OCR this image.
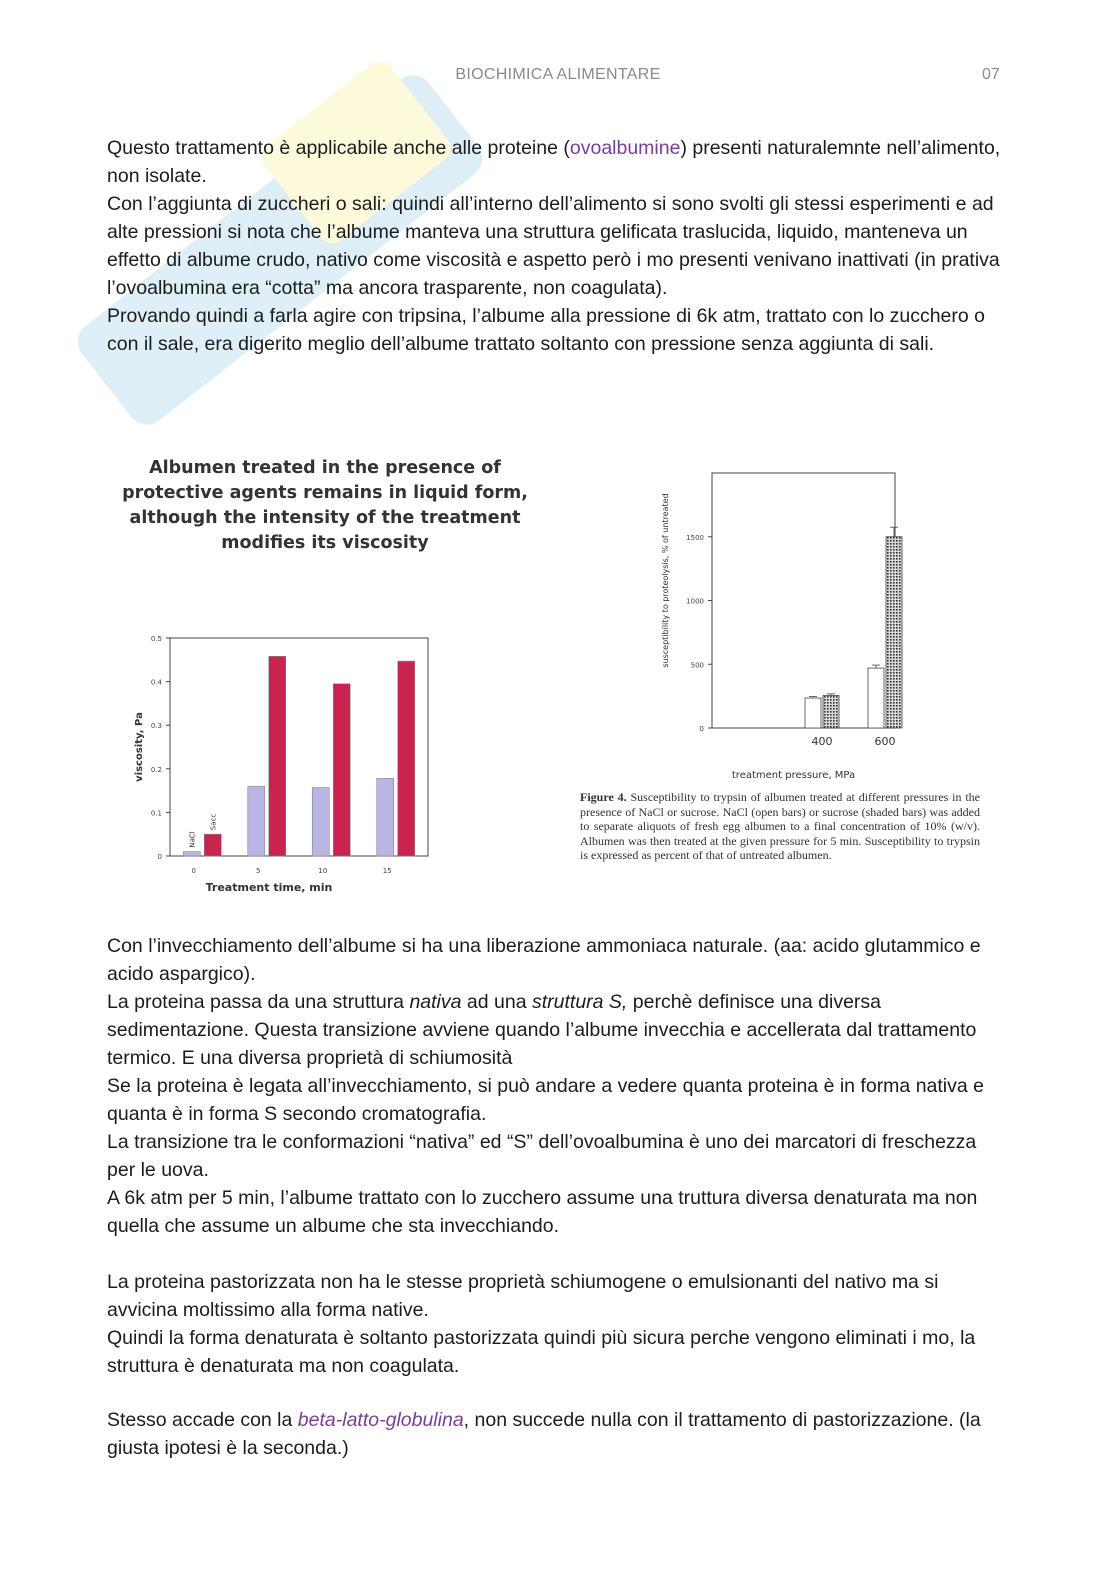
BIOCHIMICA ALIMENTARE	07

Questo trattamento è applicabile anche alle proteine (ovoalbumine) presenti naturalemnte nell’alimento, non isolate.

Con l’aggiunta di zuccheri o sali: quindi all’interno dell’alimento si sono svolti gli stessi esperimenti e ad alte pressioni si nota che l’albume manteva una struttura gelificata traslucida, liquido, manteneva un effetto di albume crudo, nativo come viscosità e aspetto però i mo presenti venivano inattivati (in prativa l’ovoalbumina era “cotta” ma ancora trasparente, non coagulata).

Provando quindi a farla agire con tripsina, l’albume alla pressione di 6k atm, trattato con lo zucchero o con il sale, era digerito meglio dell’albume trattato soltanto con pressione senza aggiunta di sali.

Albumen treated in the presence of protective agents remains in liquid form, although the intensity of the treatment modifies its viscosity
0
0.1
0.2
0.3
0.4
0.5
0	5	10	15
NaCl
Sacc
Treatment time, min
viscosity, Pa	0
500
1000
1500
400	600
treatment pressure, MPa
susceptibility to proteolysis, % of untreated
Figure 4. Susceptibility to trypsin of albumen treated at different pressures in the presence of NaCl or sucrose. NaCl (open bars) or sucrose (shaded bars) was added to separate aliquots of fresh egg albumen to a final concentration of 10% (w/v). Albumen was then treated at the given pressure for 5 min. Susceptibility to trypsin is expressed as percent of that of untreated albumen.

Con l’invecchiamento dell’albume si ha una liberazione ammoniaca naturale. (aa: acido glutammico e acido aspargico).

La proteina passa da una struttura nativa ad una struttura S, perchè definisce una diversa sedimentazione. Questa transizione avviene quando l’albume invecchia e accellerata dal trattamento termico. E una diversa proprietà di schiumosità

Se la proteina è legata all’invecchiamento, si può andare a vedere quanta proteina è in forma nativa e quanta è in forma S secondo cromatografia.

La transizione tra le conformazioni “nativa” ed “S” dell’ovoalbumina è uno dei marcatori di freschezza per le uova.

A 6k atm per 5 min, l’albume trattato con lo zucchero assume una truttura diversa denaturata ma non quella che assume un albume che sta invecchiando.

La proteina pastorizzata non ha le stesse proprietà schiumogene o emulsionanti del nativo ma si avvicina moltissimo alla forma native.

Quindi la forma denaturata è soltanto pastorizzata quindi più sicura perche vengono eliminati i mo, la struttura è denaturata ma non coagulata.

Stesso accade con la beta-latto-globulina, non succede nulla con il trattamento di pastorizzazione. (la giusta ipotesi è la seconda.)
